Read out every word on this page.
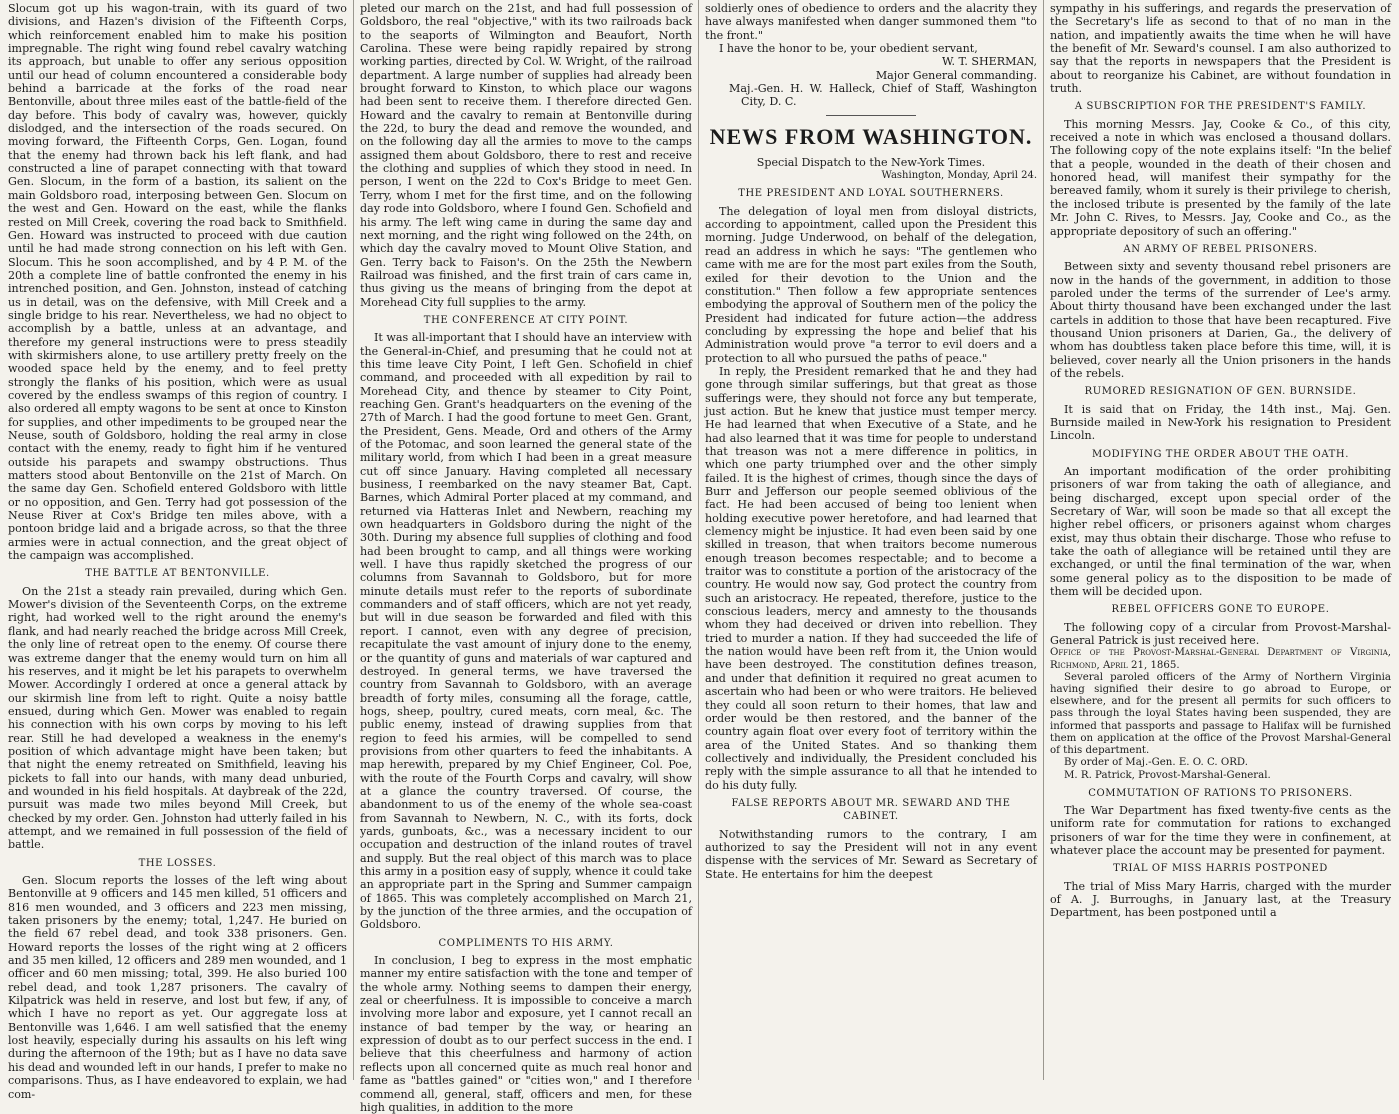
Slocum got up his wagon-train, with its guard of two divisions, and Hazen's division of the Fifteenth Corps, which reinforcement enabled him to make his position impregnable. The right wing found rebel cavalry watching its approach, but unable to offer any serious opposition until our head of column encountered a considerable body behind a barricade at the forks of the road near Bentonville, about three miles east of the battle-field of the day before. This body of cavalry was, however, quickly dislodged, and the intersection of the roads secured. On moving forward, the Fifteenth Corps, Gen. Logan, found that the enemy had thrown back his left flank, and had constructed a line of parapet connecting with that toward Gen. Slocum, in the form of a bastion, its salient on the main Goldsboro road, interposing between Gen. Slocum on the west and Gen. Howard on the east, while the flanks rested on Mill Creek, covering the road back to Smithfield. Gen. Howard was instructed to proceed with due caution until he had made strong connection on his left with Gen. Slocum. This he soon accomplished, and by 4 P. M. of the 20th a complete line of battle confronted the enemy in his intrenched position, and Gen. Johnston, instead of catching us in detail, was on the defensive, with Mill Creek and a single bridge to his rear. Nevertheless, we had no object to accomplish by a battle, unless at an advantage, and therefore my general instructions were to press steadily with skirmishers alone, to use artillery pretty freely on the wooded space held by the enemy, and to feel pretty strongly the flanks of his position, which were as usual covered by the endless swamps of this region of country. I also ordered all empty wagons to be sent at once to Kinston for supplies, and other impediments to be grouped near the Neuse, south of Goldsboro, holding the real army in close contact with the enemy, ready to fight him if he ventured outside his parapets and swampy obstructions. Thus matters stood about Bentonville on the 21st of March. On the same day Gen. Schofield entered Goldsboro with little or no opposition, and Gen. Terry had got possession of the Neuse River at Cox's Bridge ten miles above, with a pontoon bridge laid and a brigade across, so that the three armies were in actual connection, and the great object of the campaign was accomplished.

THE BATTLE AT BENTONVILLE.

On the 21st a steady rain prevailed, during which Gen. Mower's division of the Seventeenth Corps, on the extreme right, had worked well to the right around the enemy's flank, and had nearly reached the bridge across Mill Creek, the only line of retreat open to the enemy. Of course there was extreme danger that the enemy would turn on him all his reserves, and it might be let his parapets to overwhelm Mower. Accordingly I ordered at once a general attack by our skirmish line from left to right. Quite a noisy battle ensued, during which Gen. Mower was enabled to regain his connection with his own corps by moving to his left rear. Still he had developed a weakness in the enemy's position of which advantage might have been taken; but that night the enemy retreated on Smithfield, leaving his pickets to fall into our hands, with many dead unburied, and wounded in his field hospitals. At daybreak of the 22d, pursuit was made two miles beyond Mill Creek, but checked by my order. Gen. Johnston had utterly failed in his attempt, and we remained in full possession of the field of battle.

THE LOSSES.

Gen. Slocum reports the losses of the left wing about Bentonville at 9 officers and 145 men killed, 51 officers and 816 men wounded, and 3 officers and 223 men missing, taken prisoners by the enemy; total, 1,247. He buried on the field 67 rebel dead, and took 338 prisoners. Gen. Howard reports the losses of the right wing at 2 officers and 35 men killed, 12 officers and 289 men wounded, and 1 officer and 60 men missing; total, 399. He also buried 100 rebel dead, and took 1,287 prisoners. The cavalry of Kilpatrick was held in reserve, and lost but few, if any, of which I have no report as yet. Our aggregate loss at Bentonville was 1,646. I am well satisfied that the enemy lost heavily, especially during his assaults on his left wing during the afternoon of the 19th; but as I have no data save his dead and wounded left in our hands, I prefer to make no comparisons. Thus, as I have endeavored to explain, we had com-

pleted our march on the 21st, and had full possession of Goldsboro, the real "objective," with its two railroads back to the seaports of Wilmington and Beaufort, North Carolina. These were being rapidly repaired by strong working parties, directed by Col. W. Wright, of the railroad department. A large number of supplies had already been brought forward to Kinston, to which place our wagons had been sent to receive them. I therefore directed Gen. Howard and the cavalry to remain at Bentonville during the 22d, to bury the dead and remove the wounded, and on the following day all the armies to move to the camps assigned them about Goldsboro, there to rest and receive the clothing and supplies of which they stood in need. In person, I went on the 22d to Cox's Bridge to meet Gen. Terry, whom I met for the first time, and on the following day rode into Goldsboro, where I found Gen. Schofield and his army. The left wing came in during the same day and next morning, and the right wing followed on the 24th, on which day the cavalry moved to Mount Olive Station, and Gen. Terry back to Faison's. On the 25th the Newbern Railroad was finished, and the first train of cars came in, thus giving us the means of bringing from the depot at Morehead City full supplies to the army.

THE CONFERENCE AT CITY POINT.

It was all-important that I should have an interview with the General-in-Chief, and presuming that he could not at this time leave City Point, I left Gen. Schofield in chief command, and proceeded with all expedition by rail to Morehead City, and thence by steamer to City Point, reaching Gen. Grant's headquarters on the evening of the 27th of March. I had the good fortune to meet Gen. Grant, the President, Gens. Meade, Ord and others of the Army of the Potomac, and soon learned the general state of the military world, from which I had been in a great measure cut off since January. Having completed all necessary business, I reembarked on the navy steamer Bat, Capt. Barnes, which Admiral Porter placed at my command, and returned via Hatteras Inlet and Newbern, reaching my own headquarters in Goldsboro during the night of the 30th. During my absence full supplies of clothing and food had been brought to camp, and all things were working well. I have thus rapidly sketched the progress of our columns from Savannah to Goldsboro, but for more minute details must refer to the reports of subordinate commanders and of staff officers, which are not yet ready, but will in due season be forwarded and filed with this report. I cannot, even with any degree of precision, recapitulate the vast amount of injury done to the enemy, or the quantity of guns and materials of war captured and destroyed. In general terms, we have traversed the country from Savannah to Goldsboro, with an average breadth of forty miles, consuming all the forage, cattle, hogs, sheep, poultry, cured meats, corn meal, &c. The public enemy, instead of drawing supplies from that region to feed his armies, will be compelled to send provisions from other quarters to feed the inhabitants. A map herewith, prepared by my Chief Engineer, Col. Poe, with the route of the Fourth Corps and cavalry, will show at a glance the country traversed. Of course, the abandonment to us of the enemy of the whole sea-coast from Savannah to Newbern, N. C., with its forts, dock yards, gunboats, &c., was a necessary incident to our occupation and destruction of the inland routes of travel and supply. But the real object of this march was to place this army in a position easy of supply, whence it could take an appropriate part in the Spring and Summer campaign of 1865. This was completely accomplished on March 21, by the junction of the three armies, and the occupation of Goldsboro.

COMPLIMENTS TO HIS ARMY.

In conclusion, I beg to express in the most emphatic manner my entire satisfaction with the tone and temper of the whole army. Nothing seems to dampen their energy, zeal or cheerfulness. It is impossible to conceive a march involving more labor and exposure, yet I cannot recall an instance of bad temper by the way, or hearing an expression of doubt as to our perfect success in the end. I believe that this cheerfulness and harmony of action reflects upon all concerned quite as much real honor and fame as "battles gained" or "cities won," and I therefore commend all, general, staff, officers and men, for these high qualities, in addition to the more

soldierly ones of obedience to orders and the alacrity they have always manifested when danger summoned them "to the front."

I have the honor to be, your obedient servant,

W. T. SHERMAN,

Major General commanding.

Maj.-Gen. H. W. Halleck, Chief of Staff, Washington City, D. C.

NEWS FROM WASHINGTON.

Special Dispatch to the New-York Times.

Washington, Monday, April 24.

THE PRESIDENT AND LOYAL SOUTHERNERS.

The delegation of loyal men from disloyal districts, according to appointment, called upon the President this morning. Judge Underwood, on behalf of the delegation, read an address in which he says: "The gentlemen who came with me are for the most part exiles from the South, exiled for their devotion to the Union and the constitution." Then follow a few appropriate sentences embodying the approval of Southern men of the policy the President had indicated for future action—the address concluding by expressing the hope and belief that his Administration would prove "a terror to evil doers and a protection to all who pursued the paths of peace."

In reply, the President remarked that he and they had gone through similar sufferings, but that great as those sufferings were, they should not force any but temperate, just action. But he knew that justice must temper mercy. He had learned that when Executive of a State, and he had also learned that it was time for people to understand that treason was not a mere difference in politics, in which one party triumphed over and the other simply failed. It is the highest of crimes, though since the days of Burr and Jefferson our people seemed oblivious of the fact. He had been accused of being too lenient when holding executive power heretofore, and had learned that clemency might be injustice. It had even been said by one skilled in treason, that when traitors become numerous enough treason becomes respectable; and to become a traitor was to constitute a portion of the aristocracy of the country. He would now say, God protect the country from such an aristocracy. He repeated, therefore, justice to the conscious leaders, mercy and amnesty to the thousands whom they had deceived or driven into rebellion. They tried to murder a nation. If they had succeeded the life of the nation would have been reft from it, the Union would have been destroyed. The constitution defines treason, and under that definition it required no great acumen to ascertain who had been or who were traitors. He believed they could all soon return to their homes, that law and order would be then restored, and the banner of the country again float over every foot of territory within the area of the United States. And so thanking them collectively and individually, the President concluded his reply with the simple assurance to all that he intended to do his duty fully.

FALSE REPORTS ABOUT MR. SEWARD AND THE CABINET.

Notwithstanding rumors to the contrary, I am authorized to say the President will not in any event dispense with the services of Mr. Seward as Secretary of State. He entertains for him the deepest

sympathy in his sufferings, and regards the preservation of the Secretary's life as second to that of no man in the nation, and impatiently awaits the time when he will have the benefit of Mr. Seward's counsel. I am also authorized to say that the reports in newspapers that the President is about to reorganize his Cabinet, are without foundation in truth.

A SUBSCRIPTION FOR THE PRESIDENT'S FAMILY.

This morning Messrs. Jay, Cooke & Co., of this city, received a note in which was enclosed a thousand dollars. The following copy of the note explains itself: "In the belief that a people, wounded in the death of their chosen and honored head, will manifest their sympathy for the bereaved family, whom it surely is their privilege to cherish, the inclosed tribute is presented by the family of the late Mr. John C. Rives, to Messrs. Jay, Cooke and Co., as the appropriate depository of such an offering."

AN ARMY OF REBEL PRISONERS.

Between sixty and seventy thousand rebel prisoners are now in the hands of the government, in addition to those paroled under the terms of the surrender of Lee's army. About thirty thousand have been exchanged under the last cartels in addition to those that have been recaptured. Five thousand Union prisoners at Darien, Ga., the delivery of whom has doubtless taken place before this time, will, it is believed, cover nearly all the Union prisoners in the hands of the rebels.

RUMORED RESIGNATION OF GEN. BURNSIDE.

It is said that on Friday, the 14th inst., Maj. Gen. Burnside mailed in New-York his resignation to President Lincoln.

MODIFYING THE ORDER ABOUT THE OATH.

An important modification of the order prohibiting prisoners of war from taking the oath of allegiance, and being discharged, except upon special order of the Secretary of War, will soon be made so that all except the higher rebel officers, or prisoners against whom charges exist, may thus obtain their discharge. Those who refuse to take the oath of allegiance will be retained until they are exchanged, or until the final termination of the war, when some general policy as to the disposition to be made of them will be decided upon.

REBEL OFFICERS GONE TO EUROPE.

The following copy of a circular from Provost-Marshal-General Patrick is just received here.

Office of the Provost-Marshal-General Department of Virginia, Richmond, April 21, 1865.

Several paroled officers of the Army of Northern Virginia having signified their desire to go abroad to Europe, or elsewhere, and for the present all permits for such officers to pass through the loyal States having been suspended, they are informed that passports and passage to Halifax will be furnished them on application at the office of the Provost Marshal-General of this department.

By order of Maj.-Gen. E. O. C. ORD.

M. R. Patrick, Provost-Marshal-General.

COMMUTATION OF RATIONS TO PRISONERS.

The War Department has fixed twenty-five cents as the uniform rate for commutation for rations to exchanged prisoners of war for the time they were in confinement, at whatever place the account may be presented for payment.

TRIAL OF MISS HARRIS POSTPONED

The trial of Miss Mary Harris, charged with the murder of A. J. Burroughs, in January last, at the Treasury Department, has been postponed until a
